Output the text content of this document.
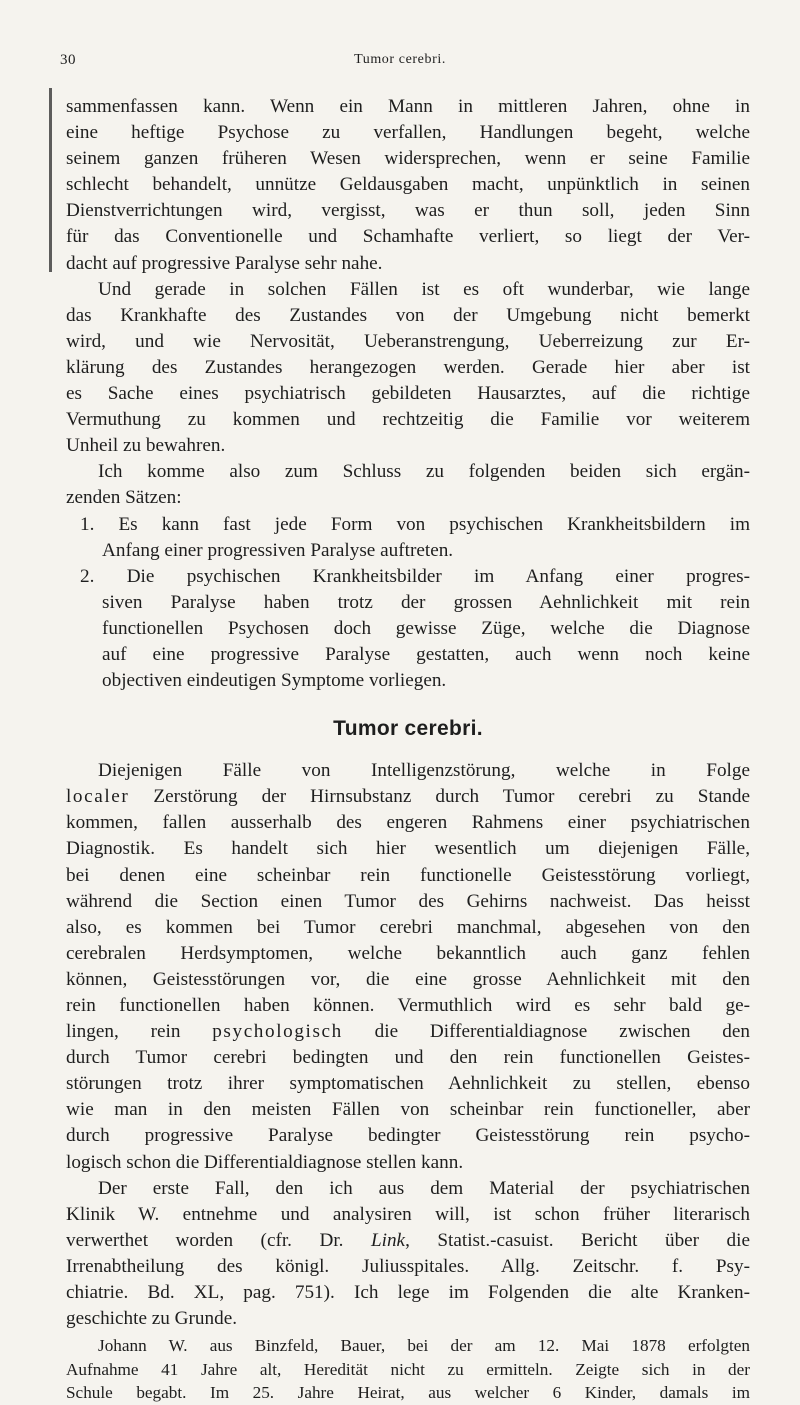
30	Tumor cerebri.
sammenfassen kann. Wenn ein Mann in mittleren Jahren, ohne in
eine heftige Psychose zu verfallen, Handlungen begeht, welche
seinem ganzen früheren Wesen widersprechen, wenn er seine Familie
schlecht behandelt, unnütze Geldausgaben macht, unpünktlich in seinen
Dienstverrichtungen wird, vergisst, was er thun soll, jeden Sinn
für das Conventionelle und Schamhafte verliert, so liegt der Ver-
dacht auf progressive Paralyse sehr nahe.
Und gerade in solchen Fällen ist es oft wunderbar, wie lange
das Krankhafte des Zustandes von der Umgebung nicht bemerkt
wird, und wie Nervosität, Ueberanstrengung, Ueberreizung zur Er-
klärung des Zustandes herangezogen werden. Gerade hier aber ist
es Sache eines psychiatrisch gebildeten Hausarztes, auf die richtige
Vermuthung zu kommen und rechtzeitig die Familie vor weiterem
Unheil zu bewahren.
Ich komme also zum Schluss zu folgenden beiden sich ergän-
zenden Sätzen:
1. Es kann fast jede Form von psychischen Krankheitsbildern im
Anfang einer progressiven Paralyse auftreten.
2. Die psychischen Krankheitsbilder im Anfang einer progres-
siven Paralyse haben trotz der grossen Aehnlichkeit mit rein
functionellen Psychosen doch gewisse Züge, welche die Diagnose
auf eine progressive Paralyse gestatten, auch wenn noch keine
objectiven eindeutigen Symptome vorliegen.
Tumor cerebri.
Diejenigen Fälle von Intelligenzstörung, welche in Folge
localer Zerstörung der Hirnsubstanz durch Tumor cerebri zu Stande
kommen, fallen ausserhalb des engeren Rahmens einer psychiatrischen
Diagnostik. Es handelt sich hier wesentlich um diejenigen Fälle,
bei denen eine scheinbar rein functionelle Geistesstörung vorliegt,
während die Section einen Tumor des Gehirns nachweist. Das heisst
also, es kommen bei Tumor cerebri manchmal, abgesehen von den
cerebralen Herdsymptomen, welche bekanntlich auch ganz fehlen
können, Geistesstörungen vor, die eine grosse Aehnlichkeit mit den
rein functionellen haben können. Vermuthlich wird es sehr bald ge-
lingen, rein psychologisch die Differentialdiagnose zwischen den
durch Tumor cerebri bedingten und den rein functionellen Geistes-
störungen trotz ihrer symptomatischen Aehnlichkeit zu stellen, ebenso
wie man in den meisten Fällen von scheinbar rein functioneller, aber
durch progressive Paralyse bedingter Geistesstörung rein psycho-
logisch schon die Differentialdiagnose stellen kann.
Der erste Fall, den ich aus dem Material der psychiatrischen
Klinik W. entnehme und analysiren will, ist schon früher literarisch
verwerthet worden (cfr. Dr. Link, Statist.-casuist. Bericht über die
Irrenabtheilung des königl. Juliusspitales. Allg. Zeitschr. f. Psy-
chiatrie. Bd. XL, pag. 751). Ich lege im Folgenden die alte Kranken-
geschichte zu Grunde.
Johann W. aus Binzfeld, Bauer, bei der am 12. Mai 1878 erfolgten
Aufnahme 41 Jahre alt, Heredität nicht zu ermitteln. Zeigte sich in der
Schule begabt. Im 25. Jahre Heirat, aus welcher 6 Kinder, damals im
